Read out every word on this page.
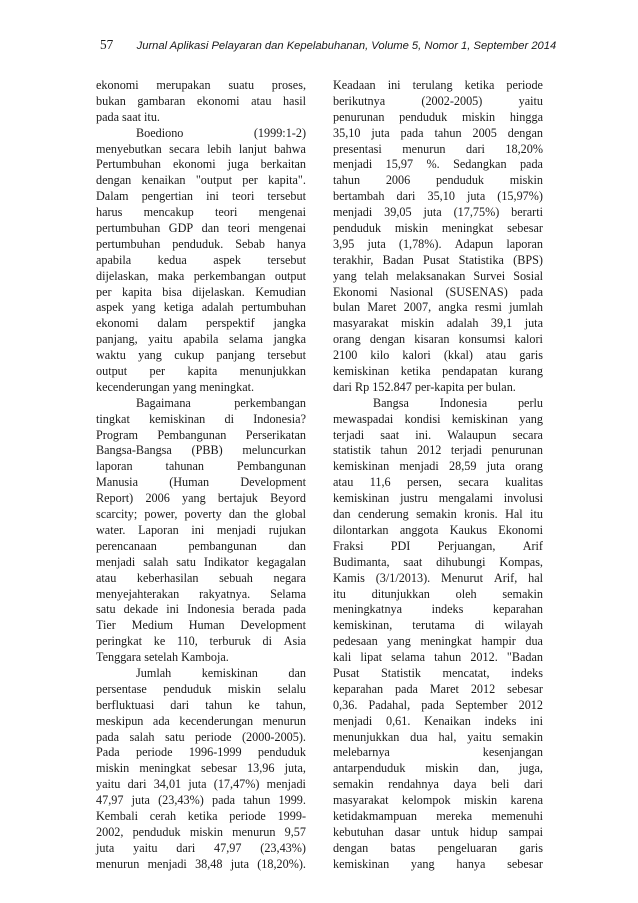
57 Jurnal Aplikasi Pelayaran dan Kepelabuhanan, Volume 5, Nomor 1, September 2014
ekonomi merupakan suatu proses,
bukan gambaran ekonomi atau hasil
pada saat itu.
Boediono	(1999:1-2)
menyebutkan secara lebih lanjut bahwa
Pertumbuhan ekonomi juga berkaitan
dengan kenaikan "output per kapita".
Dalam pengertian ini teori tersebut
harus mencakup teori mengenai
pertumbuhan GDP dan teori mengenai
pertumbuhan penduduk. Sebab hanya
apabila kedua aspek tersebut
dijelaskan, maka perkembangan output
per kapita bisa dijelaskan. Kemudian
aspek yang ketiga adalah pertumbuhan
ekonomi dalam perspektif jangka
panjang, yaitu apabila selama jangka
waktu yang cukup panjang tersebut
output per kapita menunjukkan
kecenderungan yang meningkat.
Bagaimana	perkembangan
tingkat kemiskinan di Indonesia?
Program Pembangunan Perserikatan
Bangsa-Bangsa (PBB) meluncurkan
laporan	tahunan	Pembangunan
Manusia	(Human	Development
Report) 2006 yang bertajuk Beyord
scarcity; power, poverty dan the global
water. Laporan ini menjadi rujukan
perencanaan	pembangunan	dan
menjadi salah satu Indikator kegagalan
atau keberhasilan sebuah negara
menyejahterakan rakyatnya. Selama
satu dekade ini Indonesia berada pada
Tier Medium Human Development
peringkat ke 110, terburuk di Asia
Tenggara setelah Kamboja.
Jumlah kemiskinan dan
persentase penduduk miskin selalu
berfluktuasi dari tahun ke tahun,
meskipun ada kecenderungan menurun
pada salah satu periode (2000-2005).
Pada periode 1996-1999 penduduk
miskin meningkat sebesar 13,96 juta,
yaitu dari 34,01 juta (17,47%) menjadi
47,97 juta (23,43%) pada tahun 1999.
Kembali cerah ketika periode 1999-
2002, penduduk miskin menurun 9,57
juta yaitu dari 47,97 (23,43%)
menurun menjadi 38,48 juta (18,20%).
Keadaan ini terulang ketika periode
berikutnya	(2002-2005)	yaitu
penurunan penduduk miskin hingga
35,10 juta pada tahun 2005 dengan
presentasi menurun dari 18,20%
menjadi 15,97 %. Sedangkan pada
tahun 2006 penduduk miskin
bertambah dari 35,10 juta (15,97%)
menjadi 39,05 juta (17,75%) berarti
penduduk miskin meningkat sebesar
3,95 juta (1,78%). Adapun laporan
terakhir, Badan Pusat Statistika (BPS)
yang telah melaksanakan Survei Sosial
Ekonomi Nasional (SUSENAS) pada
bulan Maret 2007, angka resmi jumlah
masyarakat miskin adalah 39,1 juta
orang dengan kisaran konsumsi kalori
2100 kilo kalori (kkal) atau garis
kemiskinan ketika pendapatan kurang
dari Rp 152.847 per-kapita per bulan.
Bangsa	Indonesia	perlu
mewaspadai kondisi kemiskinan yang
terjadi saat ini. Walaupun secara
statistik tahun 2012 terjadi penurunan
kemiskinan menjadi 28,59 juta orang
atau 11,6 persen, secara kualitas
kemiskinan justru mengalami involusi
dan cenderung semakin kronis. Hal itu
dilontarkan anggota Kaukus Ekonomi
Fraksi PDI Perjuangan, Arif
Budimanta, saat dihubungi Kompas,
Kamis (3/1/2013). Menurut Arif, hal
itu ditunjukkan oleh semakin
meningkatnya indeks keparahan
kemiskinan, terutama di wilayah
pedesaan yang meningkat hampir dua
kali lipat selama tahun 2012. "Badan
Pusat Statistik mencatat, indeks
keparahan pada Maret 2012 sebesar
0,36. Padahal, pada September 2012
menjadi 0,61. Kenaikan indeks ini
menunjukkan dua hal, yaitu semakin
melebarnya	kesenjangan
antarpenduduk miskin dan, juga,
semakin rendahnya daya beli dari
masyarakat kelompok miskin karena
ketidakmampuan mereka memenuhi
kebutuhan dasar untuk hidup sampai
dengan batas pengeluaran garis
kemiskinan yang hanya sebesar
